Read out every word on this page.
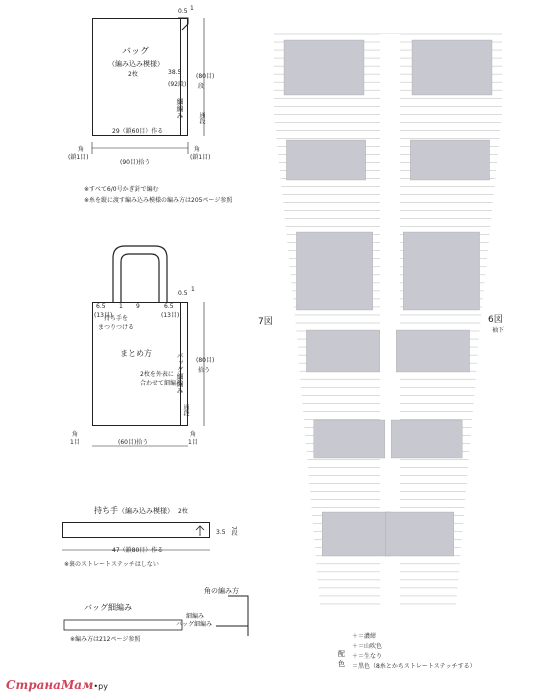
バッグ
（編み込み模様）
2枚
0.5 1
38.5
(92段)
(80目)
段
細編み 通段
29（鎖60目）作る
(90目)拾う
角
(鎖1目)
角
(鎖1目)
※すべて6/0号かぎ針で編む
※糸を縦に渡す編み込み模様の編み方は205ページ参照
6.5
(13目)
1 9	6.5
(13目)
0.5
1
持ち手を
まつりつける
まとめ方	バッグ細編み
通段
2枚を外表に
合わせて細編み
(80目)
拾う
角
1目
角
1目
(60目)拾う
持ち手 （編み込み模様） 2枚
3.5 7段
47（鎖80目）作る
※裏のストレートステッチはしない
角の編み方
細編み
バッグ細編み
バッグ細編み
※編み方は212ページ参照
7図	6図
袖下
配
色
＋＝濃紺
＋＝山吹色
＋＝生なり
＝黒色（8糸とかちストレートステッチする）
СтранаМам•ру
